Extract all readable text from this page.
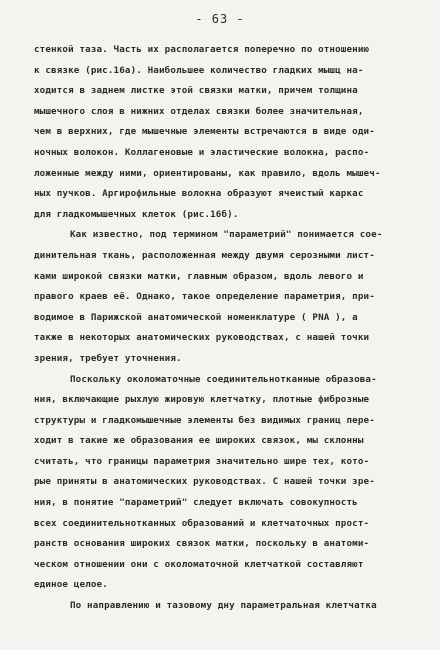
- 63 -
стенкой таза. Часть их располагается поперечно по отношению
к связке (рис.16а). Наибольшее количество гладких мышц на-
ходится в заднем листке этой связки матки, причем толщина
мышечного слоя в нижних отделах связки более значительная,
чем в верхних, где мышечные элементы встречаются в виде оди-
ночных волокон. Коллагеновые и эластические волокна, распо-
ложенные между ними, ориентированы, как правило, вдоль мышеч-
ных пучков. Аргирофильные волокна образуют ячеистый каркас
для гладкомышечных клеток (рис.16б).
Как известно, под термином "параметрий" понимается сое-
динительная ткань, расположенная между двумя серозными лист-
ками широкой связки матки, главным образом, вдоль левого и
правого краев её. Однако, такое определение параметрия, при-
водимое в Парижской анатомической номенклатуре ( PNA ), а
также в некоторых анатомических руководствах, с нашей точки
зрения, требует уточнения.
Поскольку околоматочные соединительнотканные образова-
ния, включающие рыхлую жировую клетчатку, плотные фиброзные
структуры и гладкомышечные элементы без видимых границ пере-
ходит в такие же образования ее широких связок, мы склонны
считать, что границы параметрия значительно шире тех, кото-
рые приняты в анатомических руководствах. С нашей точки зре-
ния, в понятие "параметрий" следует включать совокупность
всех соединительнотканных образований и клетчаточных прост-
ранств основания широких связок матки, поскольку в анатоми-
ческом отношении они с околоматочной клетчаткой составляют
единое целое.
По направлению и тазовому дну параметральная клетчатка
